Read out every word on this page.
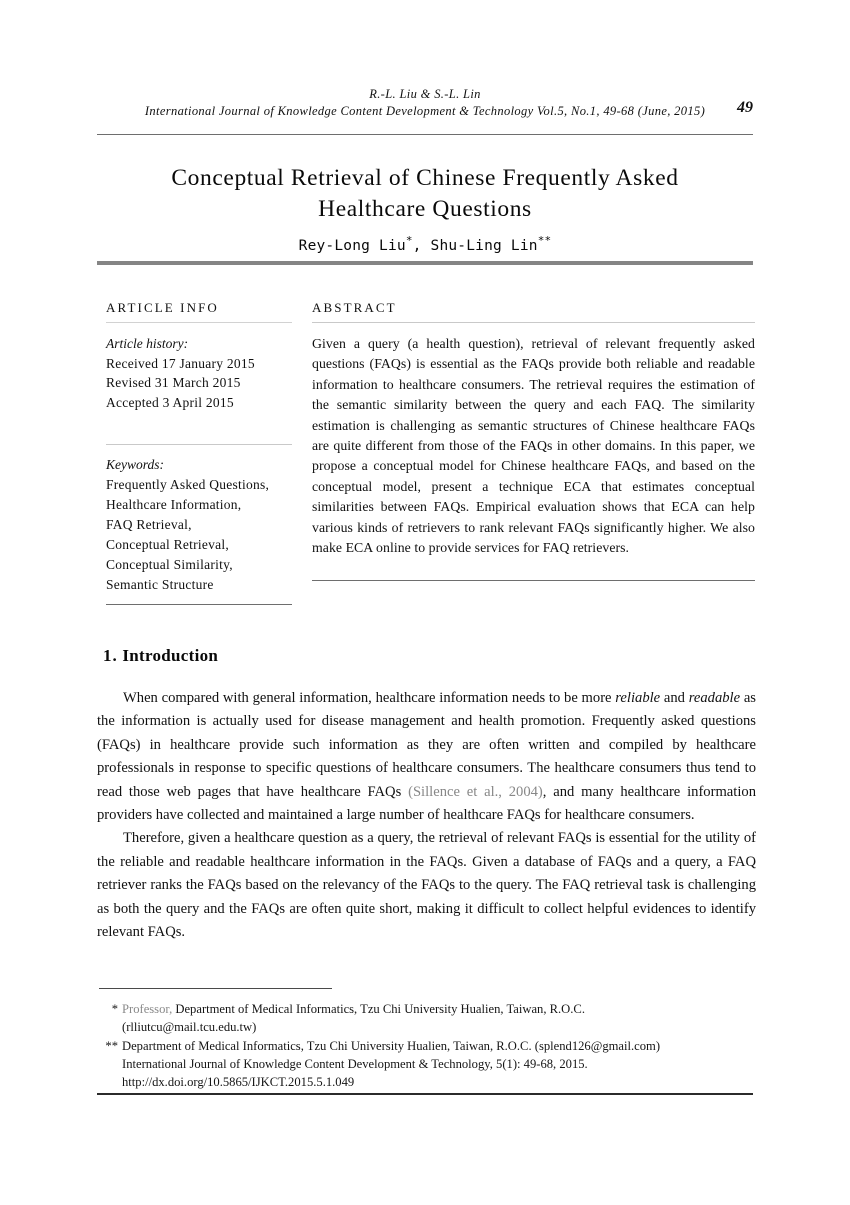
R.-L. Liu & S.-L. Lin
International Journal of Knowledge Content Development & Technology Vol.5, No.1, 49-68 (June, 2015)	49
Conceptual Retrieval of Chinese Frequently Asked
Healthcare Questions
Rey-Long Liu*, Shu-Ling Lin**
ARTICLE INFO
Article history:
Received 17 January 2015
Revised 31 March 2015
Accepted 3 April 2015
Keywords:
Frequently Asked Questions,
Healthcare Information,
FAQ Retrieval,
Conceptual Retrieval,
Conceptual Similarity,
Semantic Structure
ABSTRACT
Given a query (a health question), retrieval of relevant frequently asked questions (FAQs) is essential as the FAQs provide both reliable and readable information to healthcare consumers. The retrieval requires the estimation of the semantic similarity between the query and each FAQ. The similarity estimation is challenging as semantic structures of Chinese healthcare FAQs are quite different from those of the FAQs in other domains. In this paper, we propose a conceptual model for Chinese healthcare FAQs, and based on the conceptual model, present a technique ECA that estimates conceptual similarities between FAQs. Empirical evaluation shows that ECA can help various kinds of retrievers to rank relevant FAQs significantly higher. We also make ECA online to provide services for FAQ retrievers.
1. Introduction

When compared with general information, healthcare information needs to be more reliable and readable as the information is actually used for disease management and health promotion. Frequently asked questions (FAQs) in healthcare provide such information as they are often written and compiled by healthcare professionals in response to specific questions of healthcare consumers. The healthcare consumers thus tend to read those web pages that have healthcare FAQs (Sillence et al., 2004), and many healthcare information providers have collected and maintained a large number of healthcare FAQs for healthcare consumers.

Therefore, given a healthcare question as a query, the retrieval of relevant FAQs is essential for the utility of the reliable and readable healthcare information in the FAQs. Given a database of FAQs and a query, a FAQ retriever ranks the FAQs based on the relevancy of the FAQs to the query. The FAQ retrieval task is challenging as both the query and the FAQs are often quite short, making it difficult to collect helpful evidences to identify relevant FAQs.

* Professor, Department of Medical Informatics, Tzu Chi University Hualien, Taiwan, R.O.C.
(rlliutcu@mail.tcu.edu.tw)

** Department of Medical Informatics, Tzu Chi University Hualien, Taiwan, R.O.C. (splend126@gmail.com)
International Journal of Knowledge Content Development & Technology, 5(1): 49-68, 2015.
http://dx.doi.org/10.5865/IJKCT.2015.5.1.049
